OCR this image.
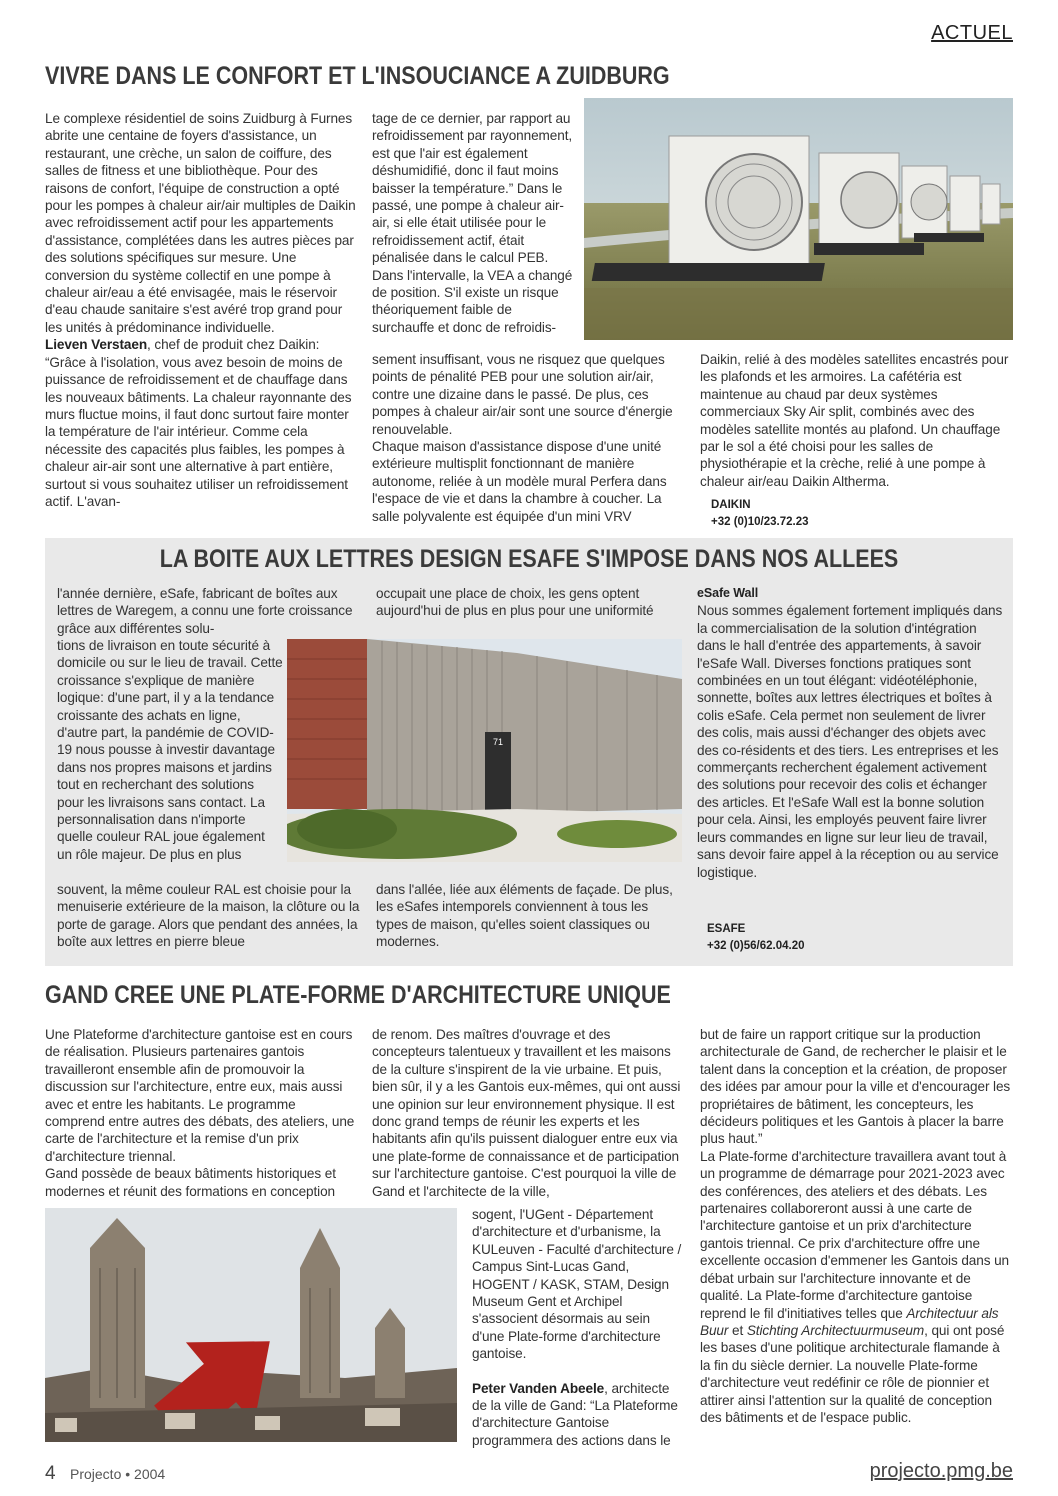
ACTUEL
VIVRE DANS LE CONFORT ET L'INSOUCIANCE A ZUIDBURG

Le complexe résidentiel de soins Zuidburg à Furnes abrite une centaine de foyers d'assistance, un restaurant, une crèche, un salon de coiffure, des salles de fitness et une bibliothèque. Pour des raisons de confort, l'équipe de construction a opté pour les pompes à chaleur air/air multiples de Daikin avec refroidissement actif pour les appartements d'assistance, complétées dans les autres pièces par des solutions spécifiques sur mesure. Une conversion du système collectif en une pompe à chaleur air/eau a été envisagée, mais le réservoir d'eau chaude sanitaire s'est avéré trop grand pour les unités à prédominance individuelle.

Lieven Verstaen, chef de produit chez Daikin: “Grâce à l'isolation, vous avez besoin de moins de puissance de refroidissement et de chauffage dans les nouveaux bâtiments. La chaleur rayonnante des murs fluctue moins, il faut donc surtout faire monter la température de l'air intérieur. Comme cela nécessite des capacités plus faibles, les pompes à chaleur air-air sont une alternative à part entière, surtout si vous souhaitez utiliser un refroidissement actif. L'avan-

tage de ce dernier, par rapport au refroidissement par rayonnement, est que l'air est également déshumidifié, donc il faut moins baisser la température.” Dans le passé, une pompe à chaleur air-air, si elle était utilisée pour le refroidissement actif, était pénalisée dans le calcul PEB. Dans l'intervalle, la VEA a changé de position. S'il existe un risque théoriquement faible de surchauffe et donc de refroidis-

sement insuffisant, vous ne risquez que quelques points de pénalité PEB pour une solution air/air, contre une dizaine dans le passé. De plus, ces pompes à chaleur air/air sont une source d'énergie renouvelable.

Chaque maison d'assistance dispose d'une unité extérieure multisplit fonctionnant de manière autonome, reliée à un modèle mural Perfera dans l'espace de vie et dans la chambre à coucher. La salle polyvalente est équipée d'un mini VRV

Daikin, relié à des modèles satellites encastrés pour les plafonds et les armoires. La cafétéria est maintenue au chaud par deux systèmes commerciaux Sky Air split, combinés avec des modèles satellite montés au plafond. Un chauffage par le sol a été choisi pour les salles de physiothérapie et la crèche, relié à une pompe à chaleur air/eau Daikin Altherma.
DAIKIN
+32 (0)10/23.72.23
LA BOITE AUX LETTRES DESIGN ESAFE S'IMPOSE DANS NOS ALLEES
l'année dernière, eSafe, fabricant de boîtes aux lettres de Waregem, a connu une forte croissance grâce aux différentes solu-
tions de livraison en toute sécurité à domicile ou sur le lieu de travail. Cette croissance s'explique de manière logique: d'une part, il y a la tendance croissante des achats en ligne, d'autre part, la pandémie de COVID-19 nous pousse à investir davantage dans nos propres maisons et jardins tout en recherchant des solutions pour les livraisons sans contact. La personnalisation dans n'importe quelle couleur RAL joue également un rôle majeur. De plus en plus
souvent, la même couleur RAL est choisie pour la menuiserie extérieure de la maison, la clôture ou la porte de garage. Alors que pendant des années, la boîte aux lettres en pierre bleue
occupait une place de choix, les gens optent aujourd'hui de plus en plus pour une uniformité
71
dans l'allée, liée aux éléments de façade. De plus, les eSafes intemporels conviennent à tous les types de maison, qu'elles soient classiques ou modernes.

eSafe Wall

Nous sommes également fortement impliqués dans la commercialisation de la solution d'intégration dans le hall d'entrée des appartements, à savoir l'eSafe Wall. Diverses fonctions pratiques sont combinées en un tout élégant: vidéotéléphonie, sonnette, boîtes aux lettres électriques et boîtes à colis eSafe. Cela permet non seulement de livrer des colis, mais aussi d'échanger des objets avec des co-résidents et des tiers. Les entreprises et les commerçants recherchent également activement des solutions pour recevoir des colis et échanger des articles. Et l'eSafe Wall est la bonne solution pour cela. Ainsi, les employés peuvent faire livrer leurs commandes en ligne sur leur lieu de travail, sans devoir faire appel à la réception ou au service logistique.

ESAFE
+32 (0)56/62.04.20
GAND CREE UNE PLATE-FORME D'ARCHITECTURE UNIQUE

Une Plateforme d'architecture gantoise est en cours de réalisation. Plusieurs partenaires gantois travailleront ensemble afin de promouvoir la discussion sur l'architecture, entre eux, mais aussi avec et entre les habitants. Le programme comprend entre autres des débats, des ateliers, une carte de l'architecture et la remise d'un prix d'architecture triennal.

Gand possède de beaux bâtiments historiques et modernes et réunit des formations en conception

de renom. Des maîtres d'ouvrage et des concepteurs talentueux y travaillent et les maisons de la culture s'inspirent de la vie urbaine. Et puis, bien sûr, il y a les Gantois eux-mêmes, qui ont aussi une opinion sur leur environnement physique. Il est donc grand temps de réunir les experts et les habitants afin qu'ils puissent dialoguer entre eux via une plate-forme de connaissance et de participation sur l'architecture gantoise. C'est pourquoi la ville de Gand et l'architecte de la ville,

sogent, l'UGent - Département d'architecture et d'urbanisme, la KULeuven - Faculté d'architecture / Campus Sint-Lucas Gand, HOGENT / KASK, STAM, Design Museum Gent et Archipel s'associent désormais au sein d'une Plate-forme d'architecture gantoise.

Peter Vanden Abeele, architecte de la ville de Gand: “La Plateforme d'architecture Gantoise programmera des actions dans le

but de faire un rapport critique sur la production architecturale de Gand, de rechercher le plaisir et le talent dans la conception et la création, de proposer des idées par amour pour la ville et d'encourager les propriétaires de bâtiment, les concepteurs, les décideurs politiques et les Gantois à placer la barre plus haut.”

La Plate-forme d'architecture travaillera avant tout à un programme de démarrage pour 2021-2023 avec des conférences, des ateliers et des débats. Les partenaires collaboreront aussi à une carte de l'architecture gantoise et un prix d'architecture gantois triennal. Ce prix d'architecture offre une excellente occasion d'emmener les Gantois dans un débat urbain sur l'architecture innovante et de qualité. La Plate-forme d'architecture gantoise reprend le fil d'initiatives telles que Architectuur als Buur et Stichting Architectuurmuseum, qui ont posé les bases d'une politique architecturale flamande à la fin du siècle dernier. La nouvelle Plate-forme d'architecture veut redéfinir ce rôle de pionnier et attirer ainsi l'attention sur la qualité de conception des bâtiments et de l'espace public.

4 Projecto • 2004	projecto.pmg.be
